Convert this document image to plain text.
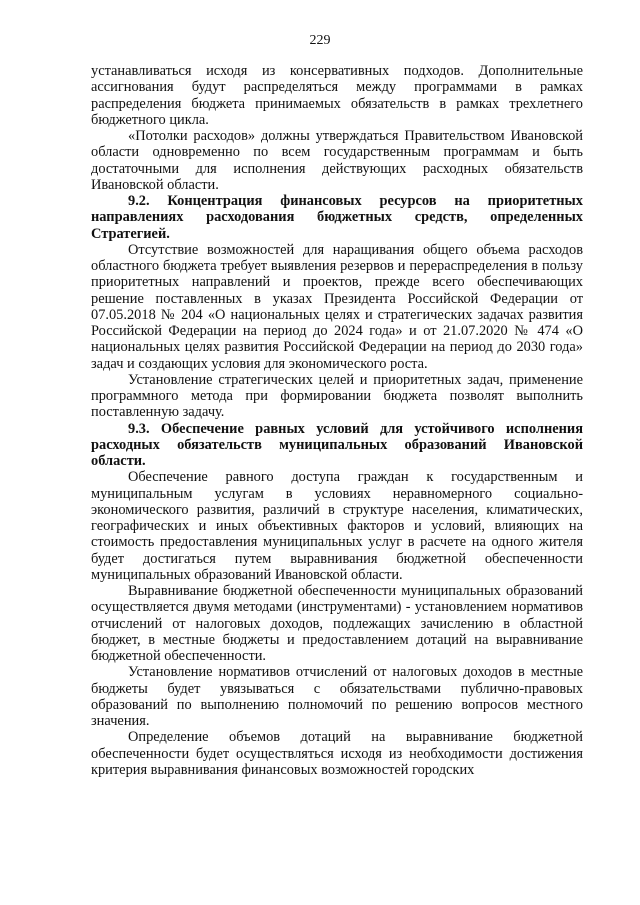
229

устанавливаться исходя из консервативных подходов. Дополнительные ассигнования будут распределяться между программами в рамках распределения бюджета принимаемых обязательств в рамках трехлетнего бюджетного цикла.

«Потолки расходов» должны утверждаться Правительством Ивановской области одновременно по всем государственным программам и быть достаточными для исполнения действующих расходных обязательств Ивановской области.

9.2. Концентрация финансовых ресурсов на приоритетных направлениях расходования бюджетных средств, определенных Стратегией.

Отсутствие возможностей для наращивания общего объема расходов областного бюджета требует выявления резервов и перераспределения в пользу приоритетных направлений и проектов, прежде всего обеспечивающих решение поставленных в указах Президента Российской Федерации от 07.05.2018 № 204 «О национальных целях и стратегических задачах развития Российской Федерации на период до 2024 года» и от 21.07.2020 № 474 «О национальных целях развития Российской Федерации на период до 2030 года» задач и создающих условия для экономического роста.

Установление стратегических целей и приоритетных задач, применение программного метода при формировании бюджета позволят выполнить поставленную задачу.

9.3. Обеспечение равных условий для устойчивого исполнения расходных обязательств муниципальных образований Ивановской области.

Обеспечение равного доступа граждан к государственным и муниципальным услугам в условиях неравномерного социально-экономического развития, различий в структуре населения, климатических, географических и иных объективных факторов и условий, влияющих на стоимость предоставления муниципальных услуг в расчете на одного жителя будет достигаться путем выравнивания бюджетной обеспеченности муниципальных образований Ивановской области.

Выравнивание бюджетной обеспеченности муниципальных образований осуществляется двумя методами (инструментами) - установлением нормативов отчислений от налоговых доходов, подлежащих зачислению в областной бюджет, в местные бюджеты и предоставлением дотаций на выравнивание бюджетной обеспеченности.

Установление нормативов отчислений от налоговых доходов в местные бюджеты будет увязываться с обязательствами публично-правовых образований по выполнению полномочий по решению вопросов местного значения.

Определение объемов дотаций на выравнивание бюджетной обеспеченности будет осуществляться исходя из необходимости достижения критерия выравнивания финансовых возможностей городских
